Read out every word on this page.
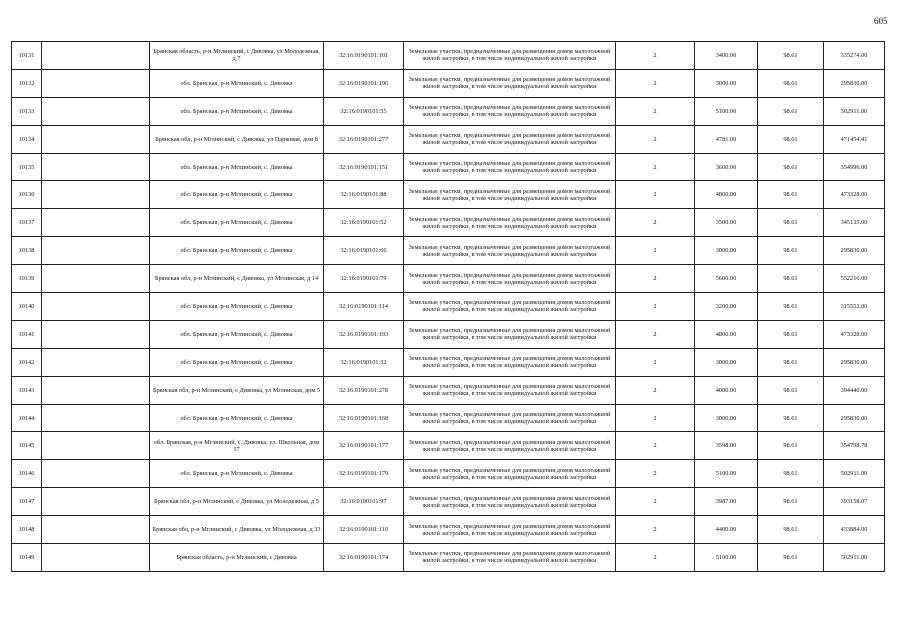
605
10131		Брянская область, р-н Мглинский, с Дивовка, ул Молодежная, д 7	32:16:0190101:101	Земельные участки, предназначенные для размещения домов малоэтажной жилой застройки, в том числе индивидуальной жилой застройки	2	3400.00	98.61	335274.00
10132		обл. Брянская, р-н Мглинский, с. Дивовка	32:16:0190101:196	Земельные участки, предназначенные для размещения домов малоэтажной жилой застройки, в том числе индивидуальной жилой застройки	2	3000.00	98.61	295830.00
10133		обл. Брянская, р-н Мглинский, с. Дивовка	32:16:0190101:55	Земельные участки, предназначенные для размещения домов малоэтажной жилой застройки, в том числе индивидуальной жилой застройки	2	5100.00	98.61	502911.00
10134		Брянская обл, р-н Мглинский, с Дивовка, ул Парковая, дом 8	32:16:0190101:277	Земельные участки, предназначенные для размещения домов малоэтажной жилой застройки, в том числе индивидуальной жилой застройки	2	4781.00	98.61	471454.41
10135		обл. Брянская, р-н Мглинский, с. Дивовка	32:16:0190101:151	Земельные участки, предназначенные для размещения домов малоэтажной жилой застройки, в том числе индивидуальной жилой застройки	2	3600.00	98.61	354996.00
10136		обл. Брянская, р-н Мглинский, с. Дивовка	32:16:0190101:88	Земельные участки, предназначенные для размещения домов малоэтажной жилой застройки, в том числе индивидуальной жилой застройки	2	4800.00	98.61	473328.00
10137		обл. Брянская, р-н Мглинский, с. Дивовка	32:16:0190101:52	Земельные участки, предназначенные для размещения домов малоэтажной жилой застройки, в том числе индивидуальной жилой застройки	2	3500.00	98.61	345135.00
10138		обл. Брянская, р-н Мглинский, с. Дивовка	32:16:0190101:66	Земельные участки, предназначенные для размещения домов малоэтажной жилой застройки, в том числе индивидуальной жилой застройки	2	3000.00	98.61	295830.00
10139		Брянская обл, р-н Мглинский, с Дивовка, ул Мглинская, д 14	32:16:0190101:79	Земельные участки, предназначенные для размещения домов малоэтажной жилой застройки, в том числе индивидуальной жилой застройки	2	5600.00	98.61	552216.00
10140		обл. Брянская, р-н Мглинский, с. Дивовка	32:16:0190101:114	Земельные участки, предназначенные для размещения домов малоэтажной жилой застройки, в том числе индивидуальной жилой застройки	2	3200.00	98.61	315552.00
10141		обл. Брянская, р-н Мглинский, с. Дивовка	32:16:0190101:193	Земельные участки, предназначенные для размещения домов малоэтажной жилой застройки, в том числе индивидуальной жилой застройки	2	4800.00	98.61	473328.00
10142		обл. Брянская, р-н Мглинский, с. Дивовка	32:16:0190101:32	Земельные участки, предназначенные для размещения домов малоэтажной жилой застройки, в том числе индивидуальной жилой застройки	2	3000.00	98.61	295830.00
10143		Брянская обл, р-н Мглинский, с Дивовка, ул Мглинская, дом 5	32:16:0190101:278	Земельные участки, предназначенные для размещения домов малоэтажной жилой застройки, в том числе индивидуальной жилой застройки	2	4000.00	98.61	394440.00
10144		обл. Брянская, р-н Мглинский, с. Дивовка	32:16:0190101:168	Земельные участки, предназначенные для размещения домов малоэтажной жилой застройки, в том числе индивидуальной жилой застройки	2	3000.00	98.61	295830.00
10145		обл. Брянская, р-н Мглинский, с. Дивовка, ул. Школьная, дом 17	32:16:0190101:177	Земельные участки, предназначенные для размещения домов малоэтажной жилой застройки, в том числе индивидуальной жилой застройки	2	3598.00	98.61	354798.78
10146		обл. Брянская, р-н Мглинский, с. Дивовка	32:16:0190101:179	Земельные участки, предназначенные для размещения домов малоэтажной жилой застройки, в том числе индивидуальной жилой застройки	2	5100.00	98.61	502911.00
10147		Брянская обл, р-н Мглинский, с Дивовка, ул Молодежная, д 5	32:16:0190101:97	Земельные участки, предназначенные для размещения домов малоэтажной жилой застройки, в том числе индивидуальной жилой застройки	2	3987.00	98.61	393158.07
10148		Брянская обл, р-н Мглинский, с Дивовка, ул Молодежная, д 33	32:16:0190101:119	Земельные участки, предназначенные для размещения домов малоэтажной жилой застройки, в том числе индивидуальной жилой застройки	2	4400.00	98.61	433884.00
10149		Брянская область, р-н Мглинский, с Дивовка	32:16:0190101:174	Земельные участки, предназначенные для размещения домов малоэтажной жилой застройки, в том числе индивидуальной жилой застройки	2	5100.00	98.61	502911.00
